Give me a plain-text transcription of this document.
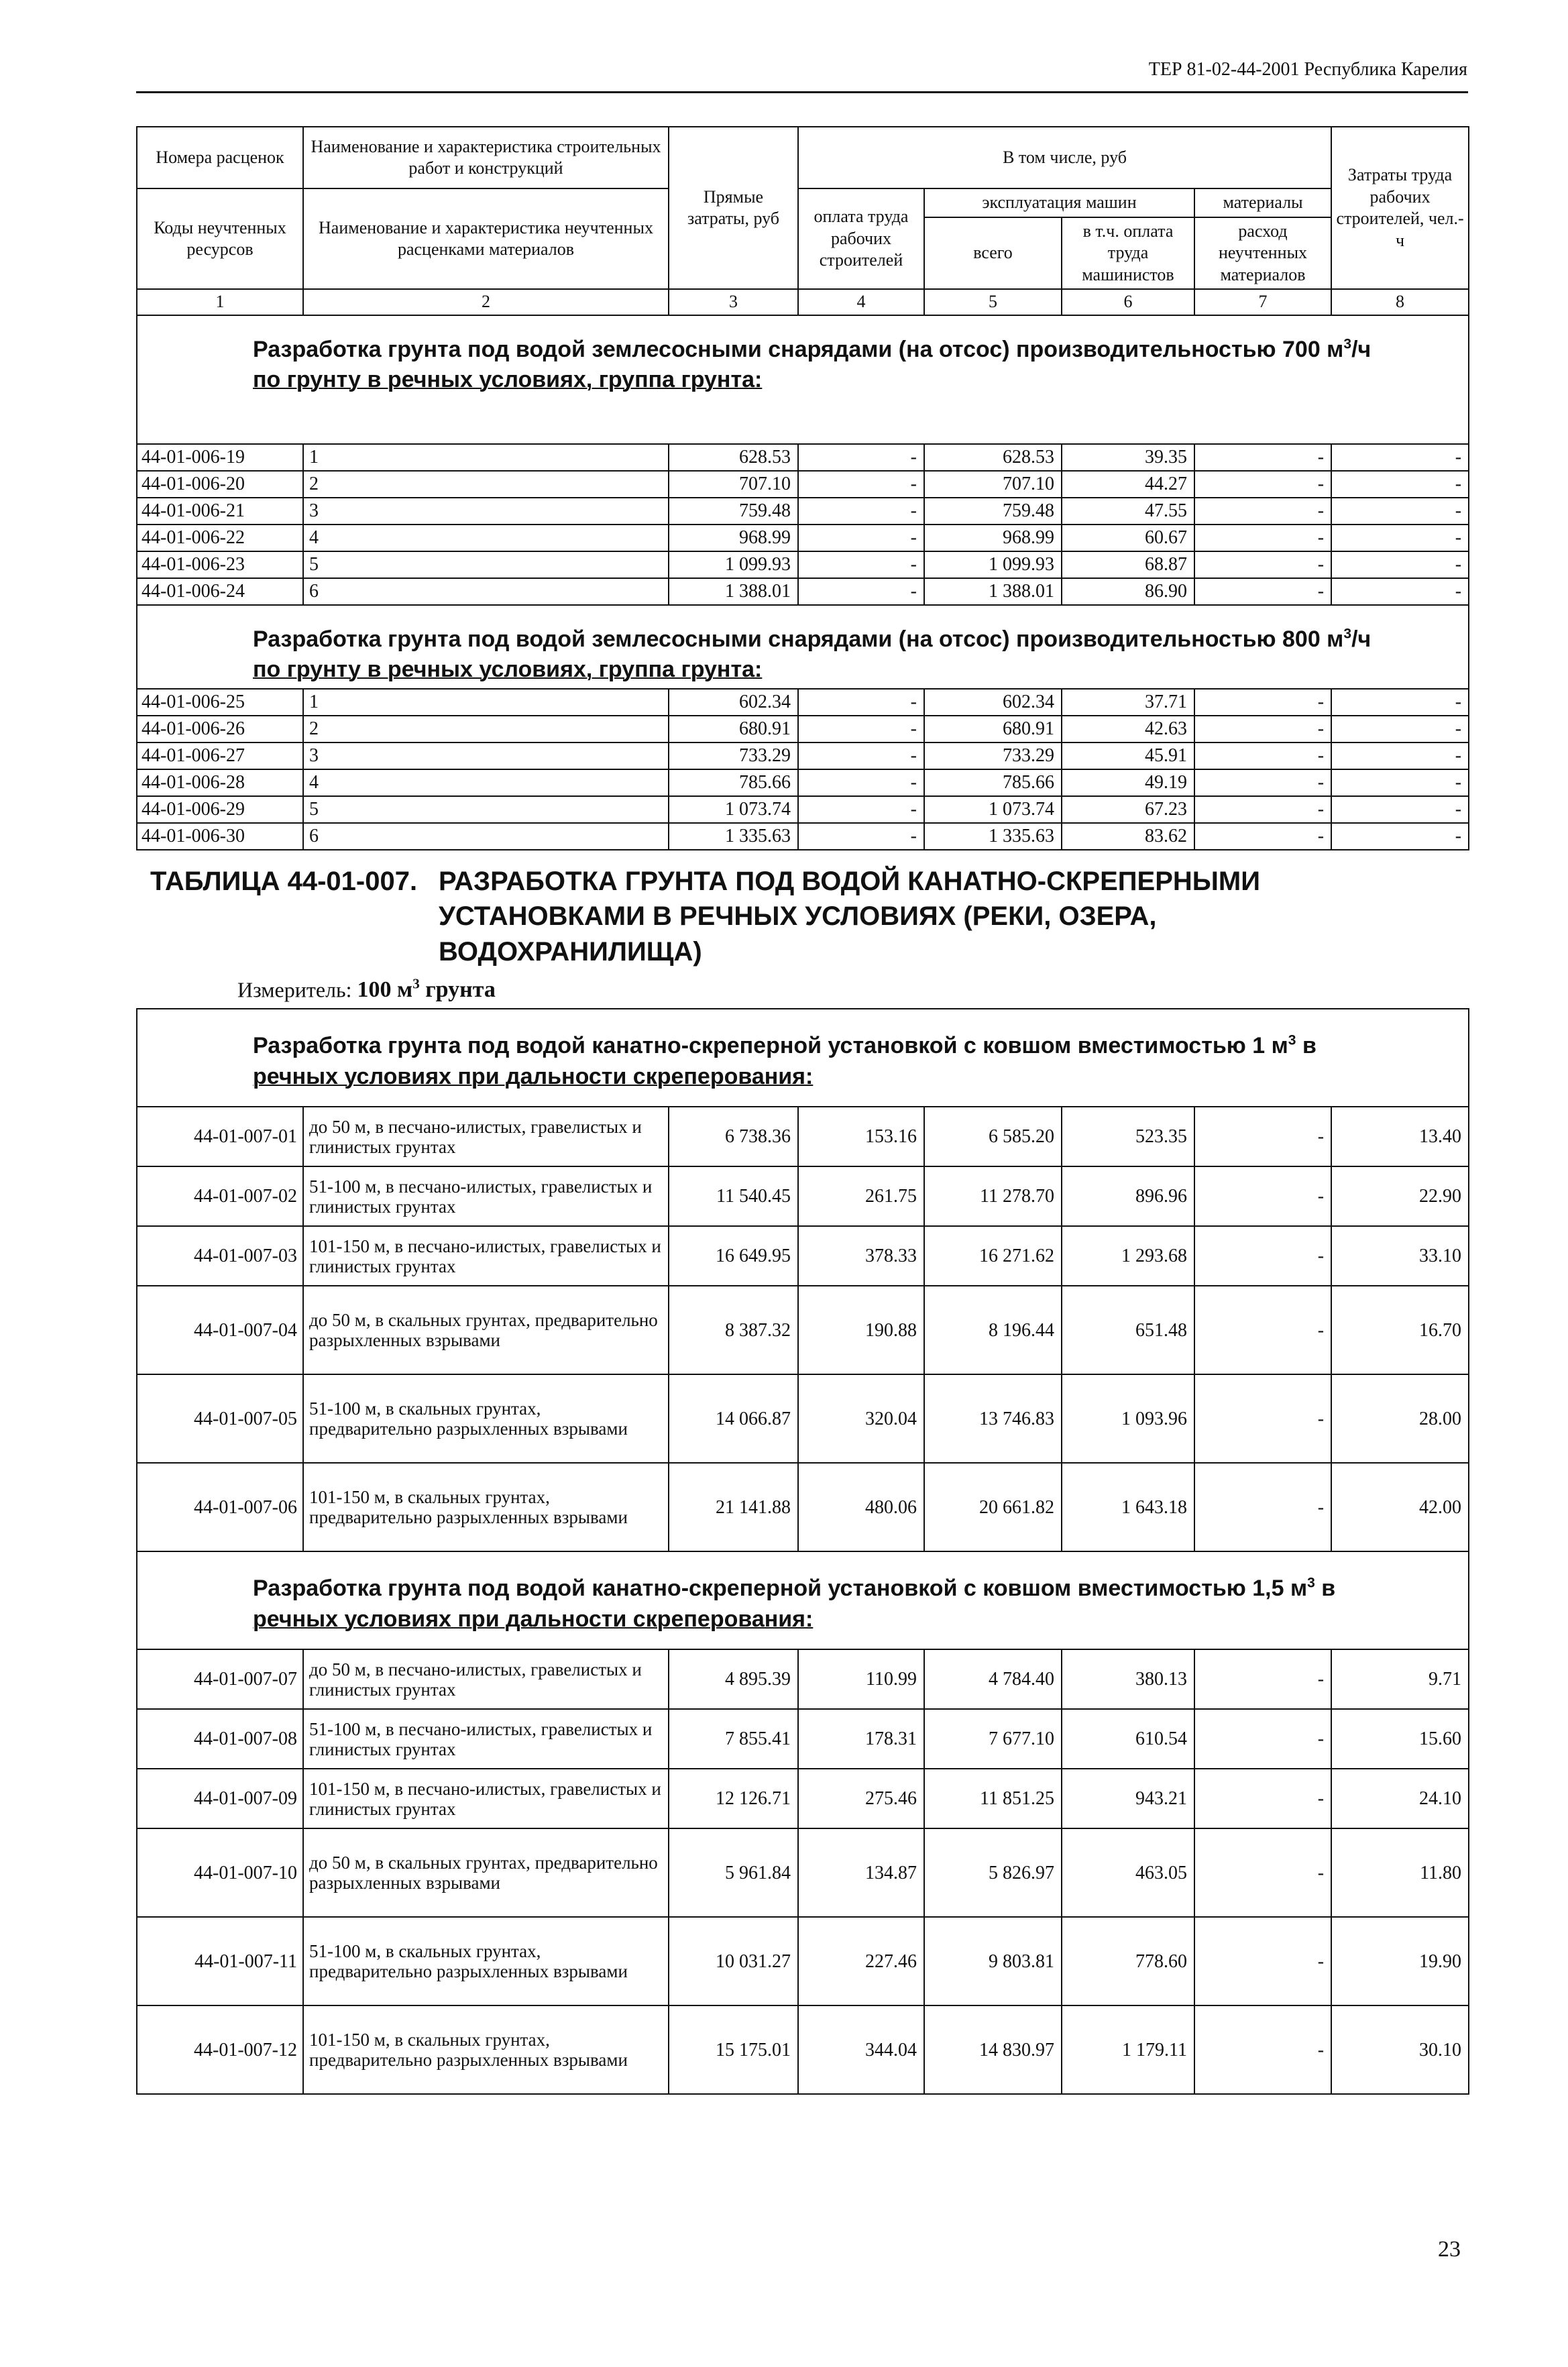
ТЕР 81-02-44-2001 Республика Карелия
Номера расценок	Наименование и характеристика строительных работ и конструкций	Прямые затраты, руб	В том числе, руб				Затраты труда рабочих строителей, чел.-ч
Коды неучтенных ресурсов	Наименование и характеристика неучтенных расценками материалов		оплата труда рабочих строителей	эксплуатация машин		материалы	
				всего	в т.ч. оплата труда машинистов	расход неучтенных материалов	
1	2	3	4	5	6	7	8

Разработка грунта под водой землесосными снарядами (на отсос) производительностью 700 $м^3/ч$
по грунту в речных условиях, группа грунта:							
44-01-006-19	1	628.53	-	628.53	39.35	-	-
44-01-006-20	2	707.10	-	707.10	44.27	-	-
44-01-006-21	3	759.48	-	759.48	47.55	-	-
44-01-006-22	4	968.99	-	968.99	60.67	-	-
44-01-006-23	5	1 099.93	-	1 099.93	68.87	-	-
44-01-006-24	6	1 388.01	-	1 388.01	86.90	-	-

Разработка грунта под водой землесосными снарядами (на отсос) производительностью 800 $м^3/ч$
по грунту в речных условиях, группа грунта:							
44-01-006-25	1	602.34	-	602.34	37.71	-	-
44-01-006-26	2	680.91	-	680.91	42.63	-	-
44-01-006-27	3	733.29	-	733.29	45.91	-	-
44-01-006-28	4	785.66	-	785.66	49.19	-	-
44-01-006-29	5	1 073.74	-	1 073.74	67.23	-	-
44-01-006-30	6	1 335.63	-	1 335.63	83.62	-	-

ТАБЛИЦА 44-01-007. РАЗРАБОТКА ГРУНТА ПОД ВОДОЙ КАНАТНО-СКРЕПЕРНЫМИ
УСТАНОВКАМИ В РЕЧНЫХ УСЛОВИЯХ (РЕКИ, ОЗЕРА,
ВОДОХРАНИЛИЩА)
Измеритель: 100 $м^3$ грунта							

Разработка грунта под водой канатно-скреперной установкой с ковшом вместимостью 1 $м^3$ в
речных условиях при дальности скреперования:							
44-01-007-01	до 50 м, в песчано-илистых, гравелистых и глинистых грунтах	6 738.36	153.16	6 585.20	523.35	-	13.40
44-01-007-02	51-100 м, в песчано-илистых, гравелистых и глинистых грунтах	11 540.45	261.75	11 278.70	896.96	-	22.90
44-01-007-03	101-150 м, в песчано-илистых, гравелистых и глинистых грунтах	16 649.95	378.33	16 271.62	1 293.68	-	33.10
44-01-007-04	до 50 м, в скальных грунтах, предварительно разрыхленных взрывами	8 387.32	190.88	8 196.44	651.48	-	16.70
44-01-007-05	51-100 м, в скальных грунтах, предварительно разрыхленных взрывами	14 066.87	320.04	13 746.83	1 093.96	-	28.00
44-01-007-06	101-150 м, в скальных грунтах, предварительно разрыхленных взрывами	21 141.88	480.06	20 661.82	1 643.18	-	42.00

Разработка грунта под водой канатно-скреперной установкой с ковшом вместимостью 1,5 $м^3$ в
речных условиях при дальности скреперования:							
44-01-007-07	до 50 м, в песчано-илистых, гравелистых и глинистых грунтах	4 895.39	110.99	4 784.40	380.13	-	9.71
44-01-007-08	51-100 м, в песчано-илистых, гравелистых и глинистых грунтах	7 855.41	178.31	7 677.10	610.54	-	15.60
44-01-007-09	101-150 м, в песчано-илистых, гравелистых и глинистых грунтах	12 126.71	275.46	11 851.25	943.21	-	24.10
44-01-007-10	до 50 м, в скальных грунтах, предварительно разрыхленных взрывами	5 961.84	134.87	5 826.97	463.05	-	11.80
44-01-007-11	51-100 м, в скальных грунтах, предварительно разрыхленных взрывами	10 031.27	227.46	9 803.81	778.60	-	19.90
44-01-007-12	101-150 м, в скальных грунтах, предварительно разрыхленных взрывами	15 175.01	344.04	14 830.97	1 179.11	-	30.10
23
